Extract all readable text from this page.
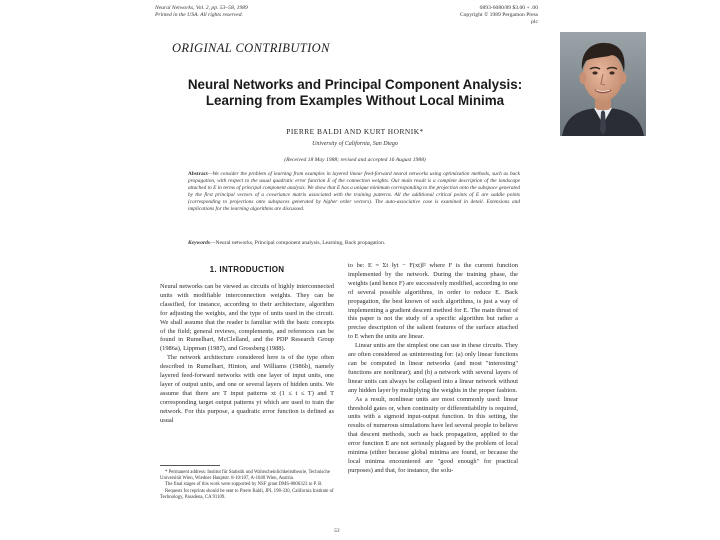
Neural Networks, Vol. 2, pp. 53–58, 1989
Printed in the USA. All rights reserved.
0893-6080/89 $3.00 + .00
Copyright © 1989 Pergamon Press plc
ORIGINAL CONTRIBUTION
Neural Networks and Principal Component Analysis:
Learning from Examples Without Local Minima
PIERRE BALDI AND KURT HORNIK*
University of California, San Diego
(Received 18 May 1988; revised and accepted 16 August 1988)
Abstract—We consider the problem of learning from examples in layered linear feed-forward neural networks using optimization methods, such as back propagation, with respect to the usual quadratic error function E of the connection weights. Our main result is a complete description of the landscape attached to E in terms of principal component analysis. We show that E has a unique minimum corresponding to the projection onto the subspace generated by the first principal vectors of a covariance matrix associated with the training patterns. All the additional critical points of E are saddle points (corresponding to projections onto subspaces generated by higher order vectors). The auto-associative case is examined in detail. Extensions and implications for the learning algorithms are discussed.
Keywords—Neural networks, Principal component analysis, Learning, Back propagation.
1. INTRODUCTION

Neural networks can be viewed as circuits of highly interconnected units with modifiable interconnection weights. They can be classified, for instance, according to their architecture, algorithm for adjusting the weights, and the type of units used in the circuit. We shall assume that the reader is familiar with the basic concepts of the field; general reviews, complements, and references can be found in Rumelhart, McClelland, and the PDP Research Group (1986a), Lippman (1987), and Grossberg (1988).

The network architecture considered here is of the type often described in Rumelhart, Hinton, and Williams (1986b), namely layered feed-forward networks with one layer of input units, one layer of output units, and one or several layers of hidden units. We assume that there are T input patterns xt (1 ≤ t ≤ T) and T corresponding target output patterns yt which are used to train the network. For this purpose, a quadratic error function is defined as usual

* Permanent address: Institut für Statistik und Wahrscheinlichkeitstheorie, Technische Universität Wien, Wiedner Hauptstr. 8-10/107, A-1040 Wien, Austria.

The final stages of this work were supported by NSF grant DMS-8800323 to P. B.

Requests for reprints should be sent to Pierre Baldi, JPL 198-330, California Institute of Technology, Pasadena, CA 91109.

to be: E = Σt ‖yt − F(xt)‖² where F is the current function implemented by the network. During the training phase, the weights (and hence F) are successively modified, according to one of several possible algorithms, in order to reduce E. Back propagation, the best known of such algorithms, is just a way of implementing a gradient descent method for E. The main thrust of this paper is not the study of a specific algorithm but rather a precise description of the salient features of the surface attached to E when the units are linear.

Linear units are the simplest one can use in these circuits. They are often considered as uninteresting for: (a) only linear functions can be computed in linear networks (and most "interesting" functions are nonlinear); and (b) a network with several layers of linear units can always be collapsed into a linear network without any hidden layer by multiplying the weights in the proper fashion.

As a result, nonlinear units are most commonly used: linear threshold gates or, when continuity or differentiability is required, units with a sigmoid input-output function. In this setting, the results of numerous simulations have led several people to believe that descent methods, such as back propagation, applied to the error function E are not seriously plagued by the problem of local minima (either because global minima are found, or because the local minima encountered are "good enough" for practical purposes) and that, for instance, the solu-

53
